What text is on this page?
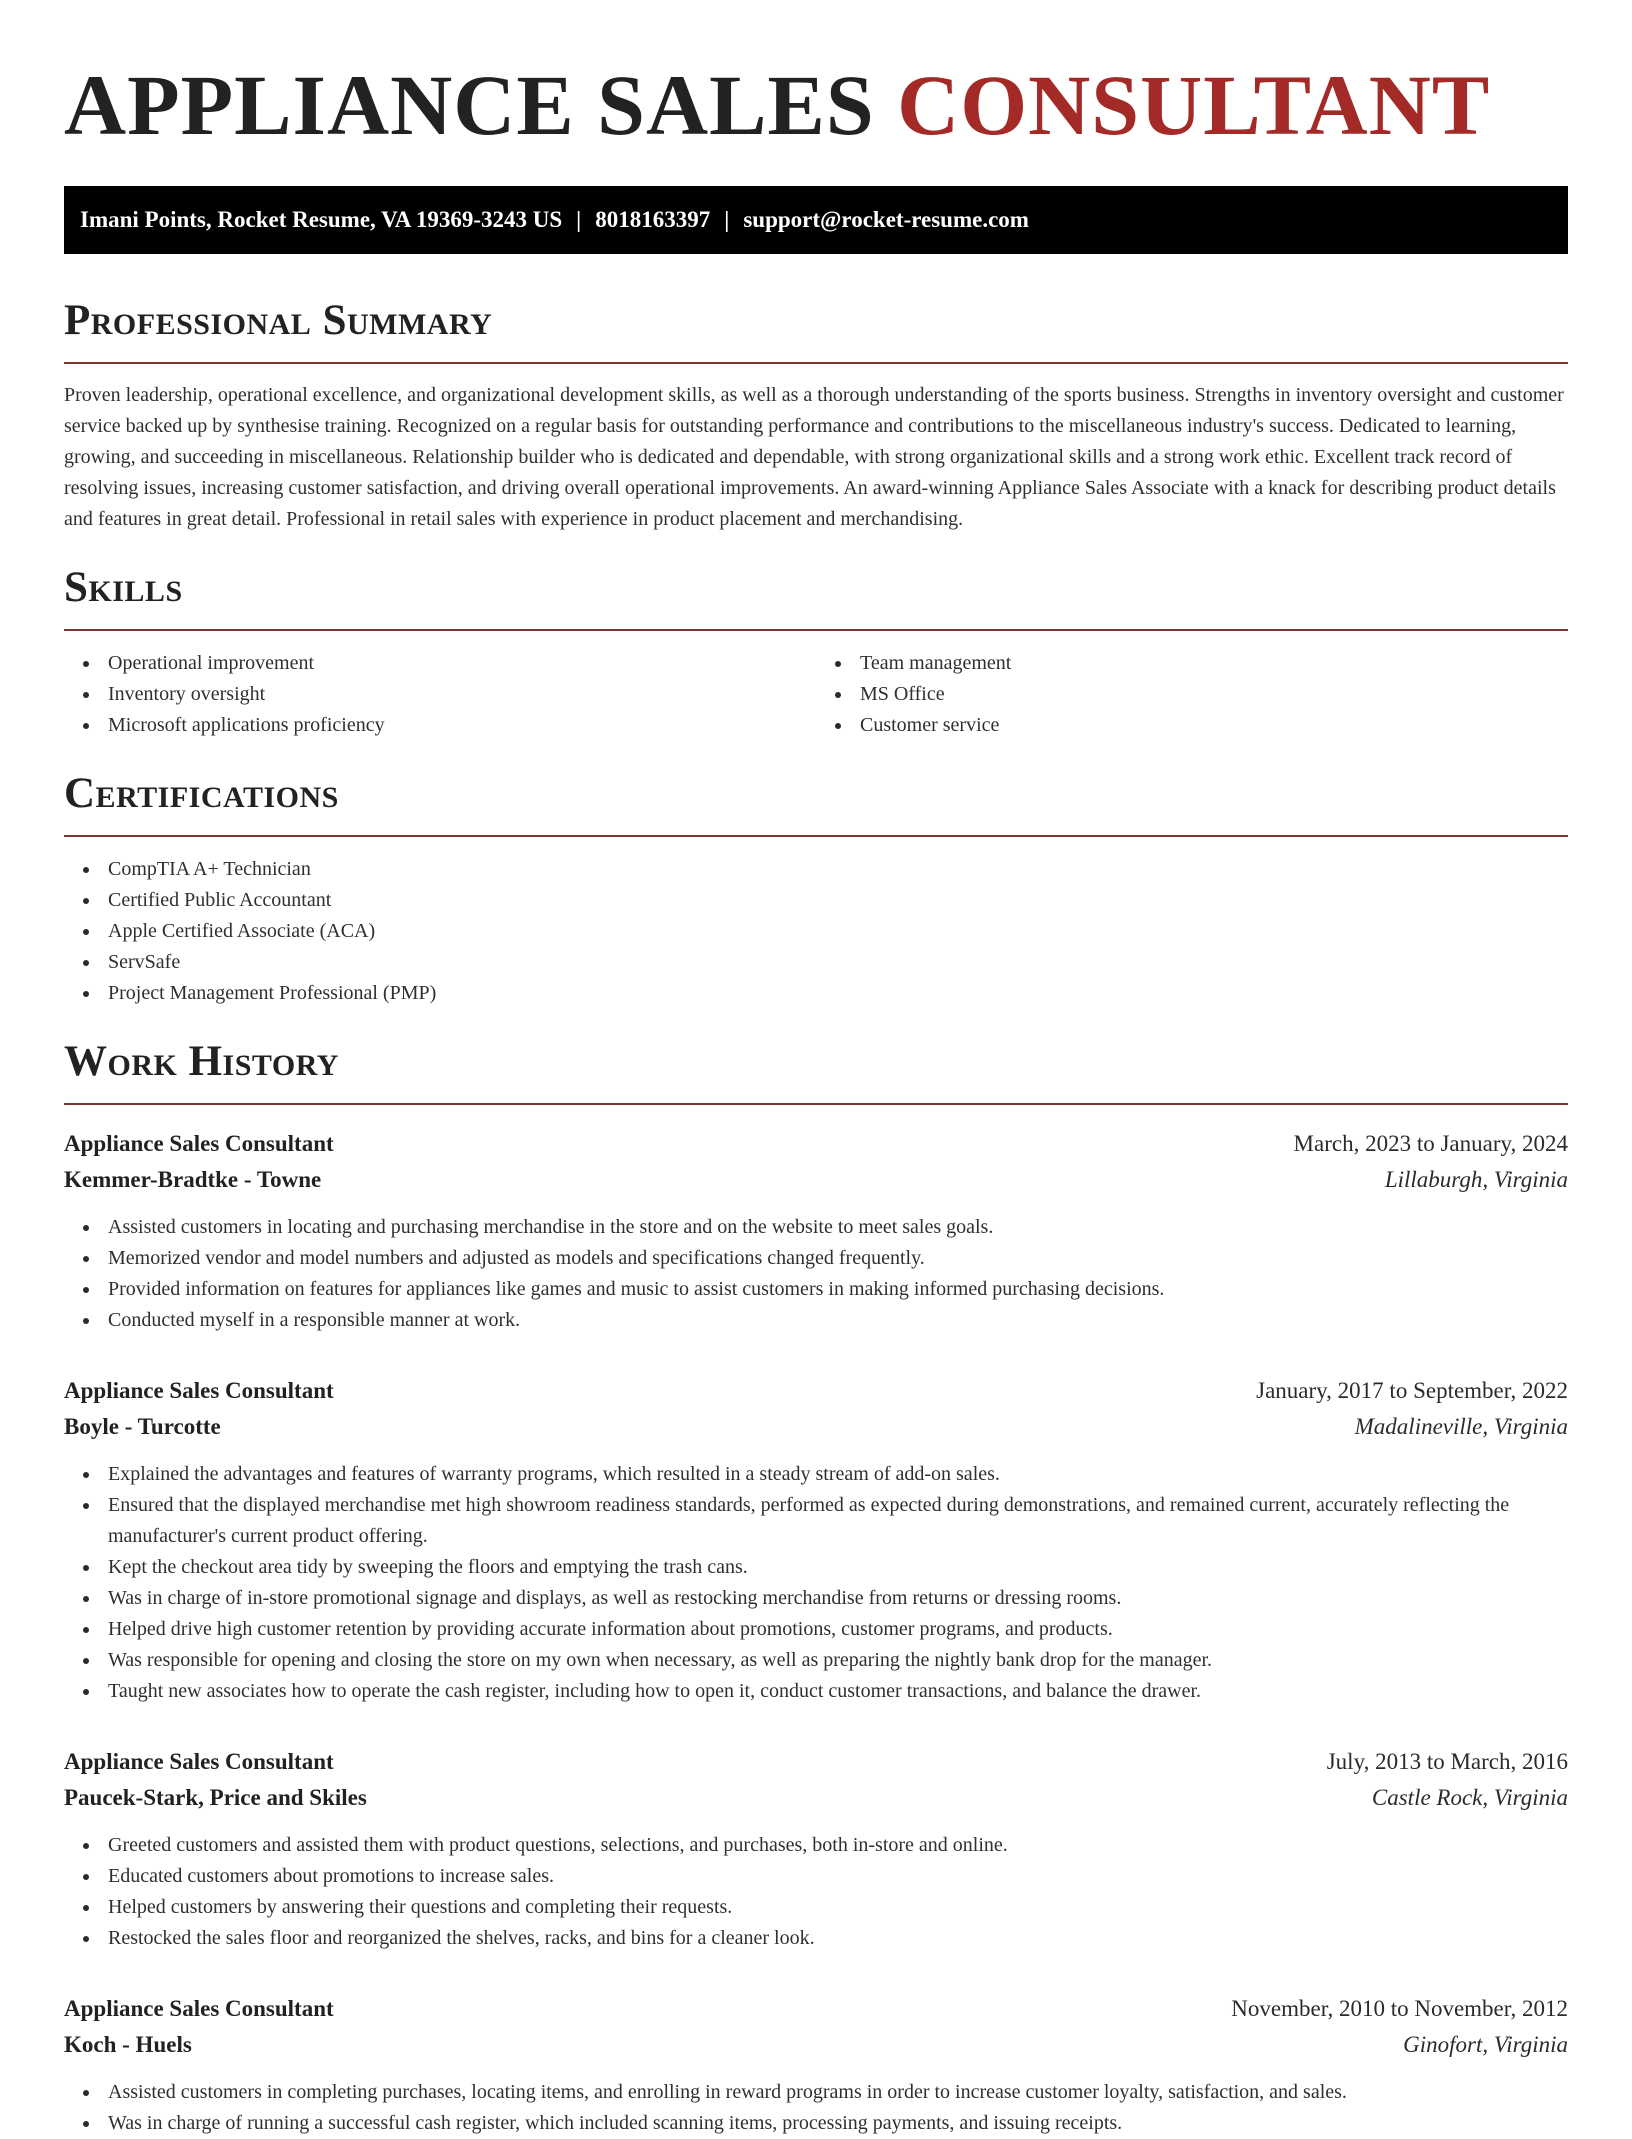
APPLIANCE SALES CONSULTANT
Imani Points, Rocket Resume, VA 19369-3243 US | 8018163397 | support@rocket-resume.com
Professional Summary

Proven leadership, operational excellence, and organizational development skills, as well as a thorough understanding of the sports business. Strengths in inventory oversight and customer service backed up by synthesise training. Recognized on a regular basis for outstanding performance and contributions to the miscellaneous industry's success. Dedicated to learning, growing, and succeeding in miscellaneous. Relationship builder who is dedicated and dependable, with strong organizational skills and a strong work ethic. Excellent track record of resolving issues, increasing customer satisfaction, and driving overall operational improvements. An award-winning Appliance Sales Associate with a knack for describing product details and features in great detail. Professional in retail sales with experience in product placement and merchandising.

Skills
Operational improvement
Inventory oversight
Microsoft applications proficiency
Team management
MS Office
Customer service
Certifications
CompTIA A+ Technician
Certified Public Accountant
Apple Certified Associate (ACA)
ServSafe
Project Management Professional (PMP)
Work History
Appliance Sales Consultant	March, 2023 to January, 2024
Kemmer-Bradtke - Towne	Lillaburgh, Virginia
Assisted customers in locating and purchasing merchandise in the store and on the website to meet sales goals.
Memorized vendor and model numbers and adjusted as models and specifications changed frequently.
Provided information on features for appliances like games and music to assist customers in making informed purchasing decisions.
Conducted myself in a responsible manner at work.
Appliance Sales Consultant	January, 2017 to September, 2022
Boyle - Turcotte	Madalineville, Virginia
Explained the advantages and features of warranty programs, which resulted in a steady stream of add-on sales.
Ensured that the displayed merchandise met high showroom readiness standards, performed as expected during demonstrations, and remained current, accurately reflecting the manufacturer's current product offering.
Kept the checkout area tidy by sweeping the floors and emptying the trash cans.
Was in charge of in-store promotional signage and displays, as well as restocking merchandise from returns or dressing rooms.
Helped drive high customer retention by providing accurate information about promotions, customer programs, and products.
Was responsible for opening and closing the store on my own when necessary, as well as preparing the nightly bank drop for the manager.
Taught new associates how to operate the cash register, including how to open it, conduct customer transactions, and balance the drawer.
Appliance Sales Consultant	July, 2013 to March, 2016
Paucek-Stark, Price and Skiles	Castle Rock, Virginia
Greeted customers and assisted them with product questions, selections, and purchases, both in-store and online.
Educated customers about promotions to increase sales.
Helped customers by answering their questions and completing their requests.
Restocked the sales floor and reorganized the shelves, racks, and bins for a cleaner look.
Appliance Sales Consultant	November, 2010 to November, 2012
Koch - Huels	Ginofort, Virginia
Assisted customers in completing purchases, locating items, and enrolling in reward programs in order to increase customer loyalty, satisfaction, and sales.
Was in charge of running a successful cash register, which included scanning items, processing payments, and issuing receipts.
